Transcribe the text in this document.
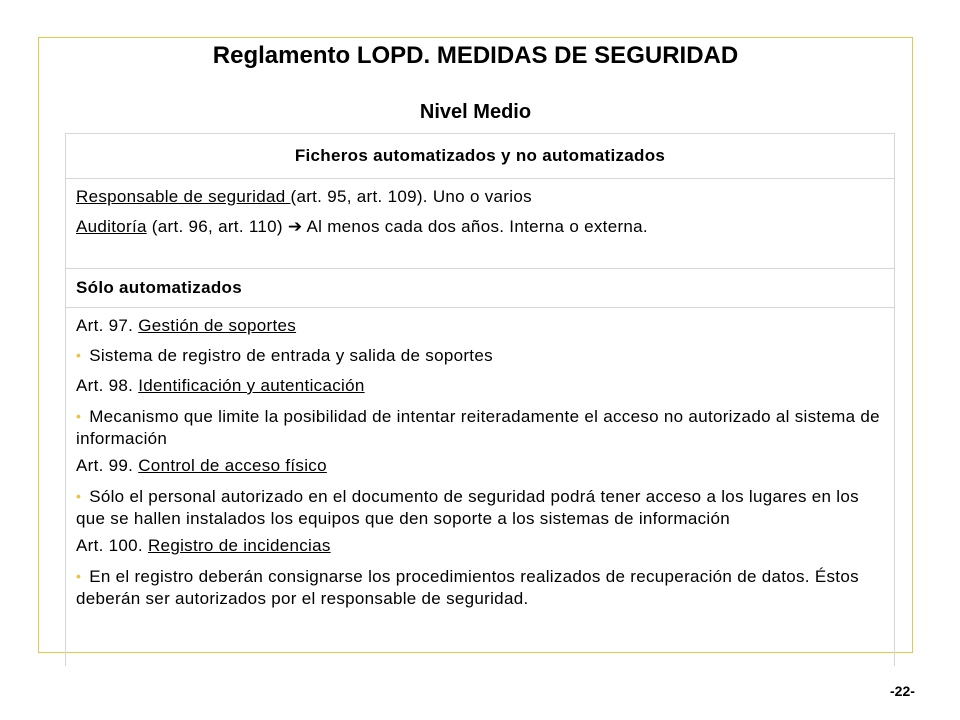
Reglamento LOPD. MEDIDAS DE SEGURIDAD
Nivel Medio
Ficheros automatizados y no automatizados

Responsable de seguridad (art. 95, art. 109). Uno o varios
Auditoría (art. 96, art. 110) ➔ Al menos cada dos años. Interna o externa.

Sólo automatizados

Art. 97. Gestión de soportes
• Sistema de registro de entrada y salida de soportes
Art. 98. Identificación y autenticación
• Mecanismo que limite la posibilidad de intentar reiteradamente el acceso no autorizado al sistema de información
Art. 99. Control de acceso físico
• Sólo el personal autorizado en el documento de seguridad podrá tener acceso a los lugares en los que se hallen instalados los equipos que den soporte a los sistemas de información
Art. 100. Registro de incidencias
• En el registro deberán consignarse los procedimientos realizados de recuperación de datos. Éstos deberán ser autorizados por el responsable de seguridad.
-22-
